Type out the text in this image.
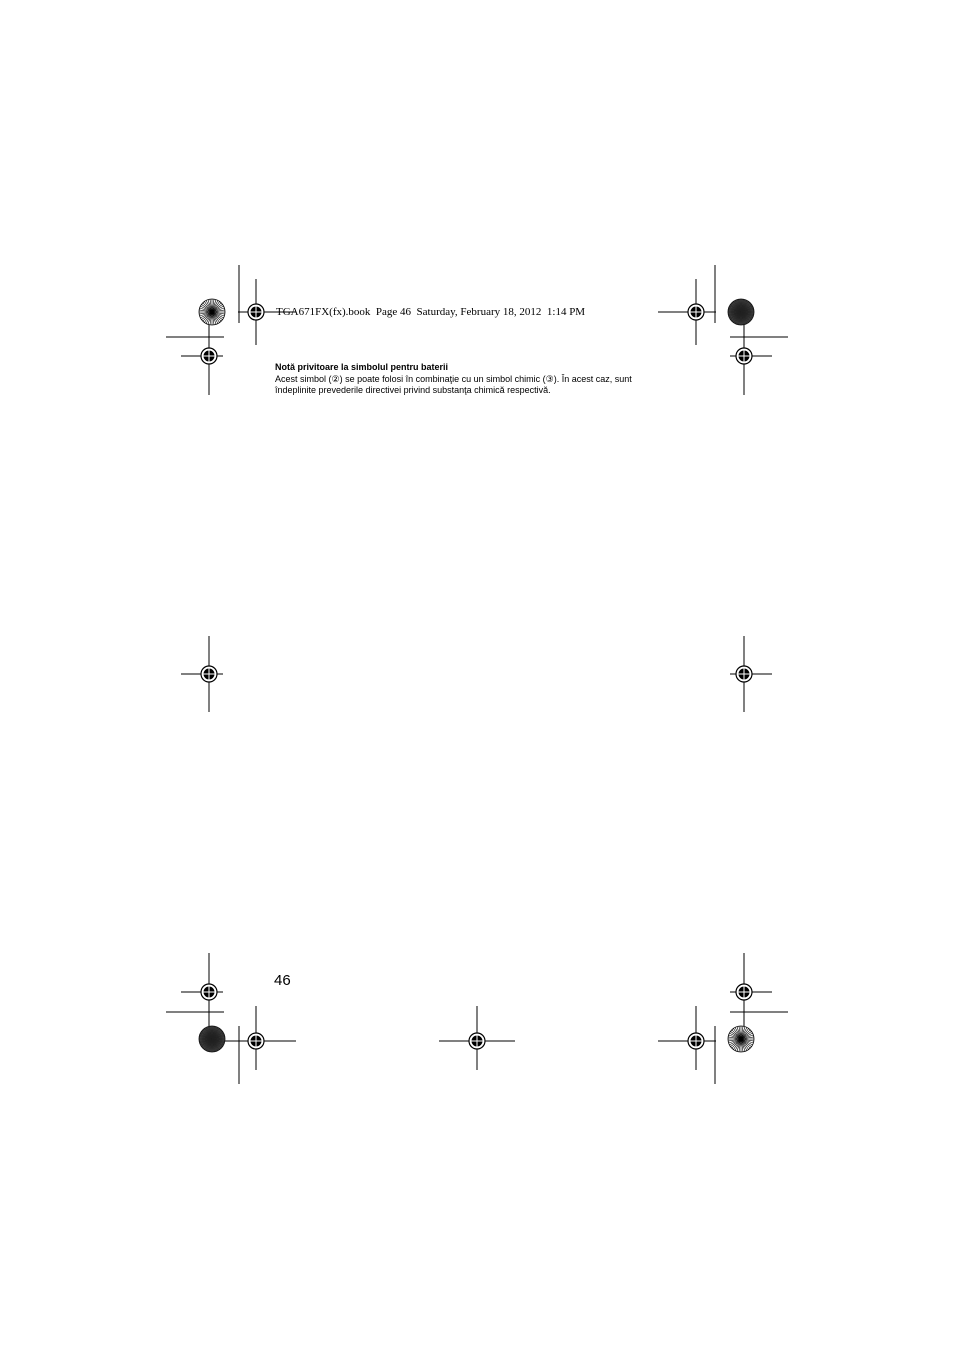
TGA671FX(fx).book  Page 46  Saturday, February 18, 2012  1:14 PM
Notă privitoare la simbolul pentru baterii
Acest simbol (②) se poate folosi în combinaţie cu un simbol chimic (③). În acest caz, sunt
îndeplinite prevederile directivei privind substanţa chimică respectivă.
46
